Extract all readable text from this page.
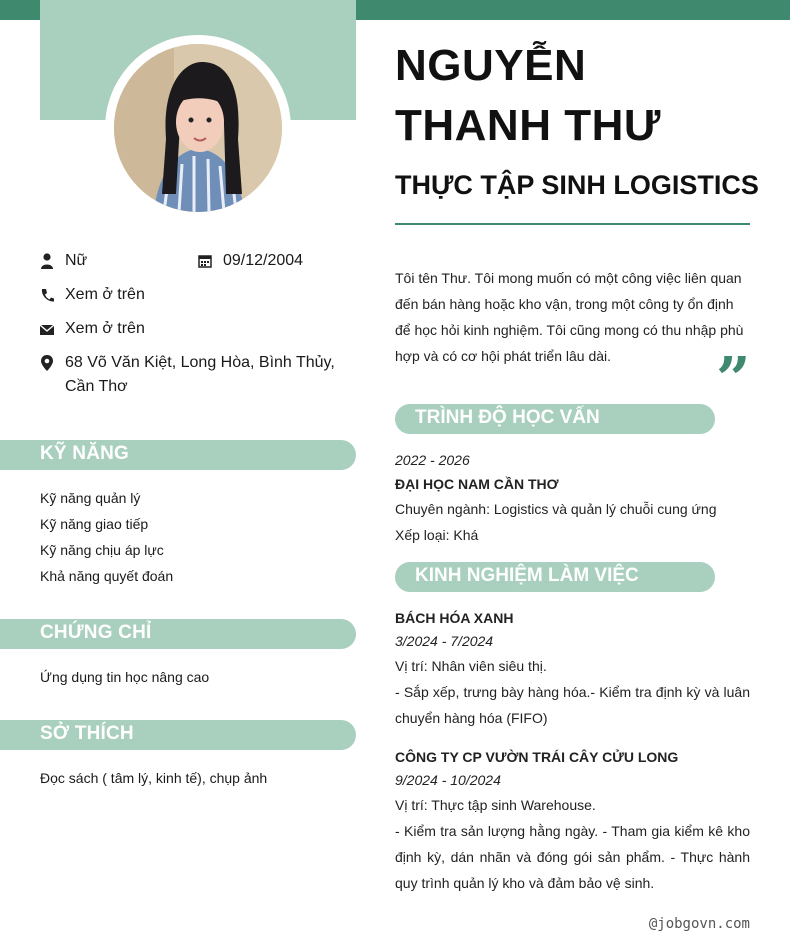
Nữ	09/12/2004
Xem ở trên
Xem ở trên
68 Võ Văn Kiệt, Long Hòa, Bình Thủy, Cần Thơ
KỸ NĂNG
Kỹ năng quản lý
Kỹ năng giao tiếp
Kỹ năng chịu áp lực
Khả năng quyết đoán
CHỨNG CHỈ
Ứng dụng tin học nâng cao
SỞ THÍCH
Đọc sách ( tâm lý, kinh tế), chụp ảnh
NGUYỄN THANH THƯ
THỰC TẬP SINH LOGISTICS
Tôi tên Thư. Tôi mong muốn có một công việc liên quan đến bán hàng hoặc kho vận, trong một công ty ổn định để học hỏi kinh nghiệm. Tôi cũng mong có thu nhập phù hợp và có cơ hội phát triển lâu dài.	”
TRÌNH ĐỘ HỌC VẤN
2022 - 2026
ĐẠI HỌC NAM CẦN THƠ
Chuyên ngành: Logistics và quản lý chuỗi cung ứng
Xếp loại: Khá
KINH NGHIỆM LÀM VIỆC
BÁCH HÓA XANH
3/2024 - 7/2024
Vị trí: Nhân viên siêu thị.
- Sắp xếp, trưng bày hàng hóa.- Kiểm tra định kỳ và luân chuyển hàng hóa (FIFO)
CÔNG TY CP VƯỜN TRÁI CÂY CỬU LONG
9/2024 - 10/2024
Vị trí: Thực tập sinh Warehouse.
- Kiểm tra sản lượng hằng ngày. - Tham gia kiểm kê kho định kỳ, dán nhãn và đóng gói sản phẩm. - Thực hành quy trình quản lý kho và đảm bảo vệ sinh.
@jobgovn.com
